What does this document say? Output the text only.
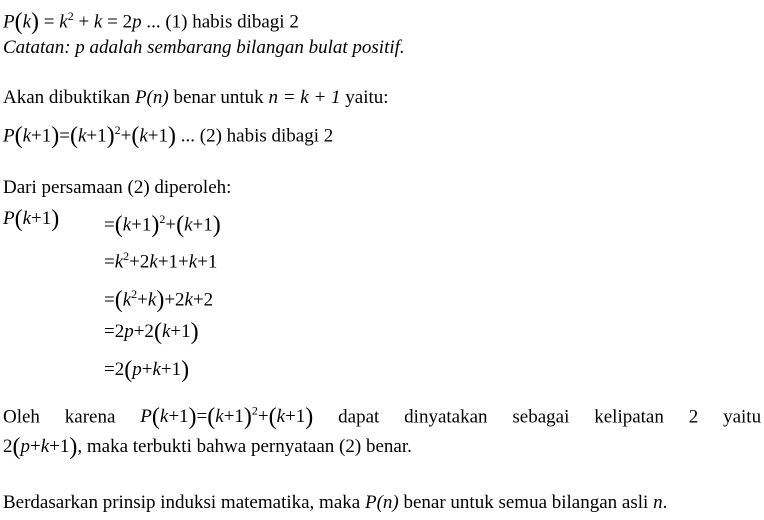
$P(k) = k^2 + k = 2p$ ... (1) habis dibagi 2
Catatan: p adalah sembarang bilangan bulat positif.
Akan dibuktikan P(n) benar untuk n = k + 1 yaitu:
$P(k+1)=(k+1)^2+(k+1)$ ... (2) habis dibagi 2
Dari persamaan (2) diperoleh:
$P(k+1) =(k+1)^2+(k+1)$
$=k^2+2k+1+k+1$
$=(k^2+k)+2k+2$
=2p+2(k+1)
=2(p+k+1)
Oleh karena $P(k+1)=(k+1)^2+(k+1)$ dapat dinyatakan sebagai kelipatan 2 yaitu
2(p+k+1), maka terbukti bahwa pernyataan (2) benar.
Berdasarkan prinsip induksi matematika, maka P(n) benar untuk semua bilangan asli n.
